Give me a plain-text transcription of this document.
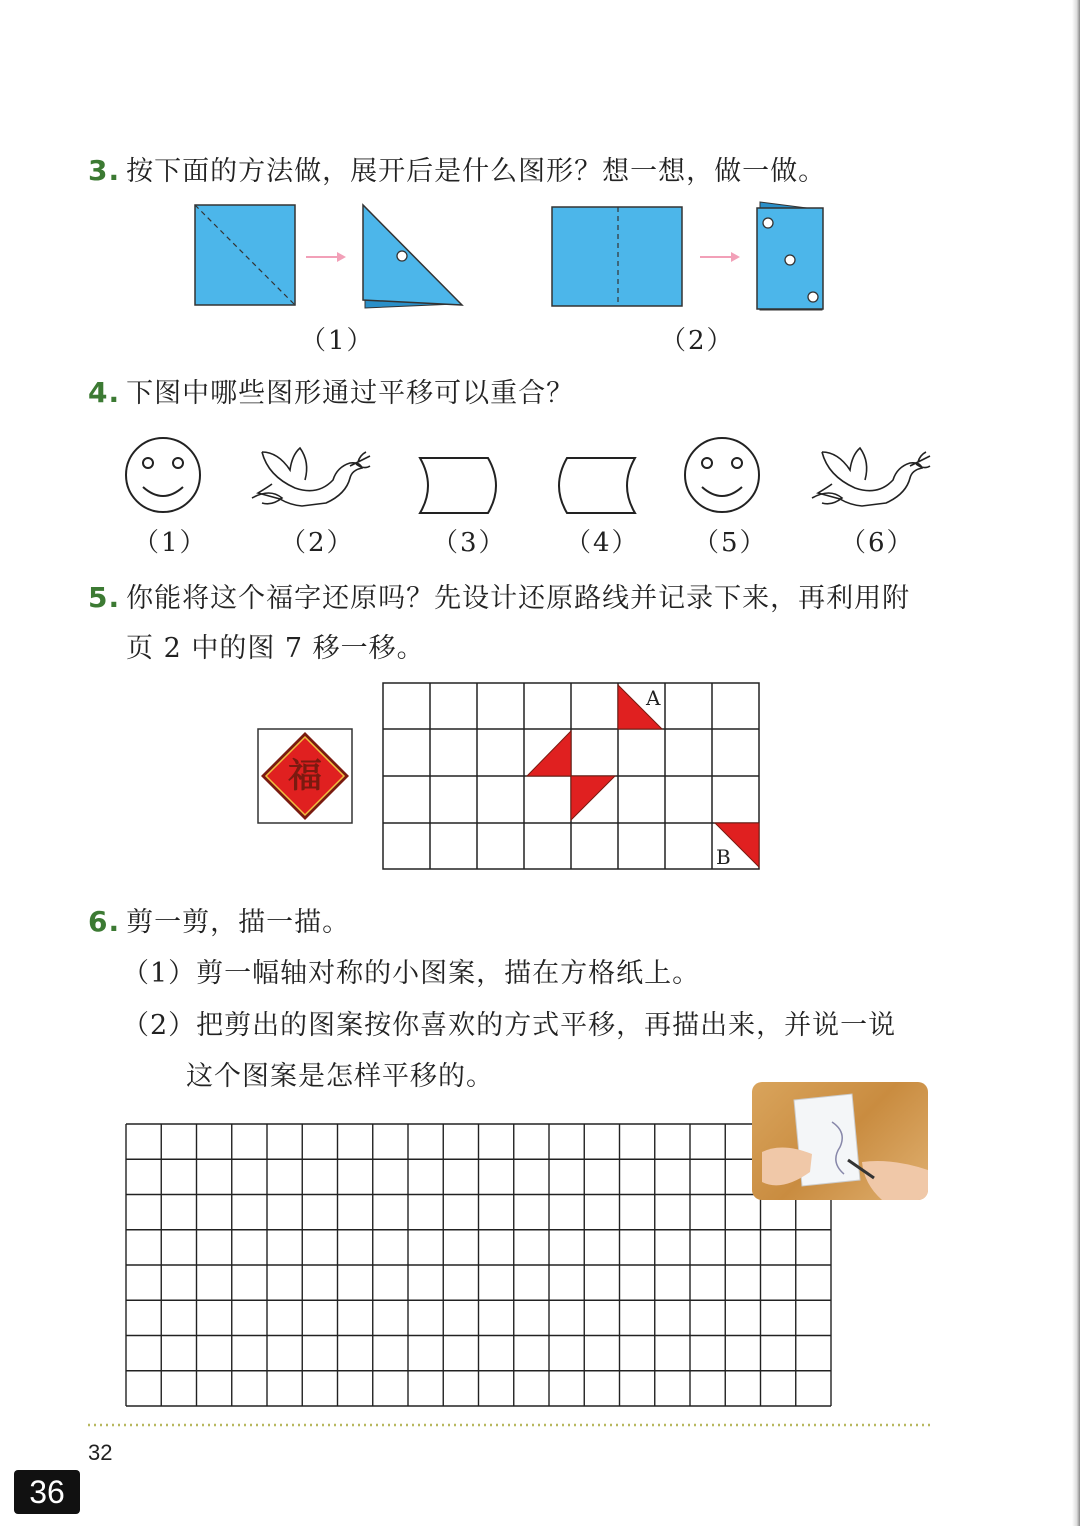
3. 按下面的方法做，展开后是什么图形？想一想，做一做。
（1）	（2）
4. 下图中哪些图形通过平移可以重合？
（1）	（2）	（3） （4） （5）	（6）
5. 你能将这个福字还原吗？先设计还原路线并记录下来，再利用附
页 2 中的图 7 移一移。
福
A
B
6. 剪一剪，描一描。
（1）剪一幅轴对称的小图案，描在方格纸上。
（2）把剪出的图案按你喜欢的方式平移，再描出来，并说一说
这个图案是怎样平移的。
32
36
